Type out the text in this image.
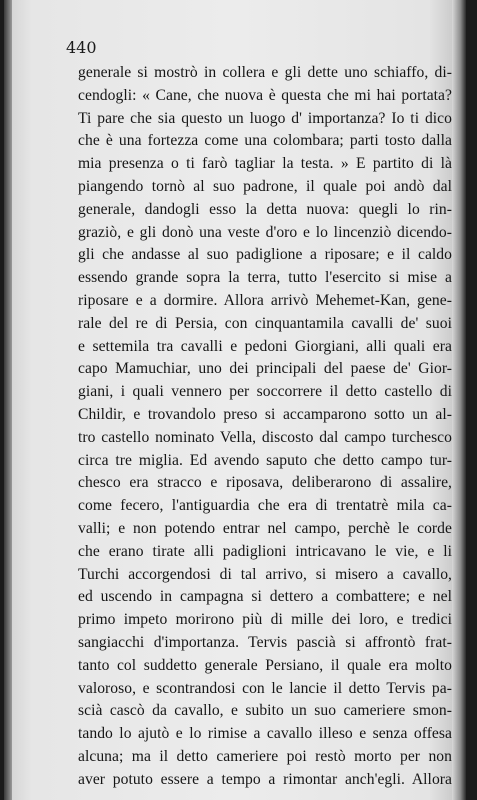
440
generale si mostrò in collera e gli dette uno schiaffo, di-
cendogli: « Cane, che nuova è questa che mi hai portata?
Ti pare che sia questo un luogo d' importanza? Io ti dico
che è una fortezza come una colombara; parti tosto dalla
mia presenza o ti farò tagliar la testa. » E partito di là
piangendo tornò al suo padrone, il quale poi andò dal
generale, dandogli esso la detta nuova: quegli lo rin-
graziò, e gli donò una veste d'oro e lo lincenziò dicendo-
gli che andasse al suo padiglione a riposare; e il caldo
essendo grande sopra la terra, tutto l'esercito si mise a
riposare e a dormire. Allora arrivò Mehemet-Kan, gene-
rale del re di Persia, con cinquantamila cavalli de' suoi
e settemila tra cavalli e pedoni Giorgiani, alli quali era
capo Mamuchiar, uno dei principali del paese de' Gior-
giani, i quali vennero per soccorrere il detto castello di
Childir, e trovandolo preso si accamparono sotto un al-
tro castello nominato Vella, discosto dal campo turchesco
circa tre miglia. Ed avendo saputo che detto campo tur-
chesco era stracco e riposava, deliberarono di assalire,
come fecero, l'antiguardia che era di trentatrè mila ca-
valli; e non potendo entrar nel campo, perchè le corde
che erano tirate alli padiglioni intricavano le vie, e li
Turchi accorgendosi di tal arrivo, si misero a cavallo,
ed uscendo in campagna si dettero a combattere; e nel
primo impeto morirono più di mille dei loro, e tredici
sangiacchi d'importanza. Tervis pascià si affrontò frat-
tanto col suddetto generale Persiano, il quale era molto
valoroso, e scontrandosi con le lancie il detto Tervis pa-
scià cascò da cavallo, e subito un suo cameriere smon-
tando lo ajutò e lo rimise a cavallo illeso e senza offesa
alcuna; ma il detto cameriere poi restò morto per non
aver potuto essere a tempo a rimontar anch'egli. Allora
